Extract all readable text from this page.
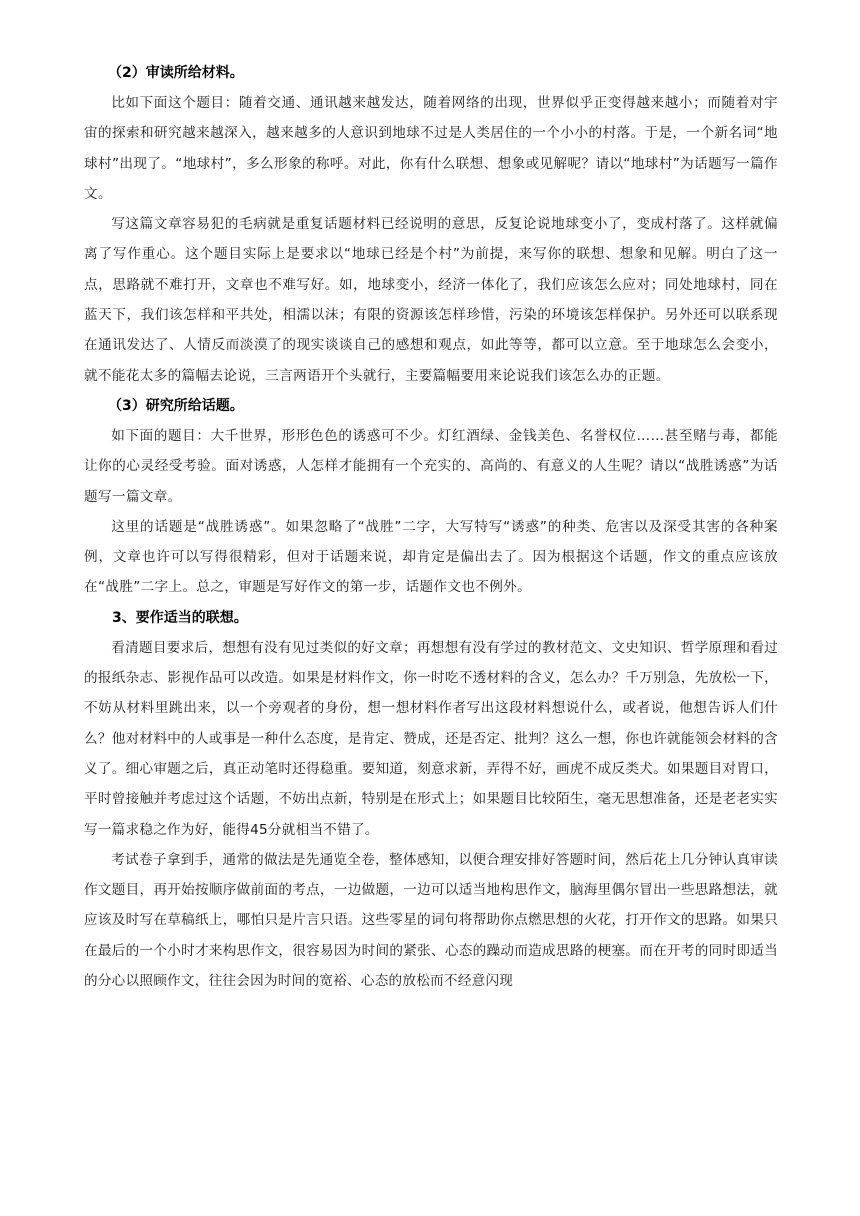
（2）审读所给材料。

比如下面这个题目：随着交通、通讯越来越发达，随着网络的出现，世界似乎正变得越来越小；而随着对宇宙的探索和研究越来越深入，越来越多的人意识到地球不过是人类居住的一个小小的村落。于是，一个新名词“地球村”出现了。“地球村”，多么形象的称呼。对此，你有什么联想、想象或见解呢？请以“地球村”为话题写一篇作文。

写这篇文章容易犯的毛病就是重复话题材料已经说明的意思，反复论说地球变小了，变成村落了。这样就偏离了写作重心。这个题目实际上是要求以“地球已经是个村”为前提，来写你的联想、想象和见解。明白了这一点，思路就不难打开，文章也不难写好。如，地球变小，经济一体化了，我们应该怎么应对；同处地球村，同在蓝天下，我们该怎样和平共处，相濡以沫；有限的资源该怎样珍惜，污染的环境该怎样保护。另外还可以联系现在通讯发达了、人情反而淡漠了的现实谈谈自己的感想和观点，如此等等，都可以立意。至于地球怎么会变小，就不能花太多的篇幅去论说，三言两语开个头就行，主要篇幅要用来论说我们该怎么办的正题。

（3）研究所给话题。

如下面的题目：大千世界，形形色色的诱惑可不少。灯红酒绿、金钱美色、名誉权位……甚至赌与毒，都能让你的心灵经受考验。面对诱惑，人怎样才能拥有一个充实的、高尚的、有意义的人生呢？请以“战胜诱惑”为话题写一篇文章。

这里的话题是“战胜诱惑”。如果忽略了“战胜”二字，大写特写“诱惑”的种类、危害以及深受其害的各种案例，文章也许可以写得很精彩，但对于话题来说，却肯定是偏出去了。因为根据这个话题，作文的重点应该放在“战胜”二字上。总之，审题是写好作文的第一步，话题作文也不例外。

3、要作适当的联想。

看清题目要求后，想想有没有见过类似的好文章；再想想有没有学过的教材范文、文史知识、哲学原理和看过的报纸杂志、影视作品可以改造。如果是材料作文，你一时吃不透材料的含义，怎么办？千万别急，先放松一下，不妨从材料里跳出来，以一个旁观者的身份，想一想材料作者写出这段材料想说什么，或者说，他想告诉人们什么？他对材料中的人或事是一种什么态度，是肯定、赞成，还是否定、批判？这么一想，你也许就能领会材料的含义了。细心审题之后，真正动笔时还得稳重。要知道，刻意求新，弄得不好，画虎不成反类犬。如果题目对胃口，平时曾接触并考虑过这个话题，不妨出点新，特别是在形式上；如果题目比较陌生，毫无思想准备，还是老老实实写一篇求稳之作为好，能得45分就相当不错了。

考试卷子拿到手，通常的做法是先通览全卷，整体感知，以便合理安排好答题时间，然后花上几分钟认真审读作文题目，再开始按顺序做前面的考点，一边做题，一边可以适当地构思作文，脑海里偶尔冒出一些思路想法，就应该及时写在草稿纸上，哪怕只是片言只语。这些零星的词句将帮助你点燃思想的火花，打开作文的思路。如果只在最后的一个小时才来构思作文，很容易因为时间的紧张、心态的躁动而造成思路的梗塞。而在开考的同时即适当的分心以照顾作文，往往会因为时间的宽裕、心态的放松而不经意闪现
